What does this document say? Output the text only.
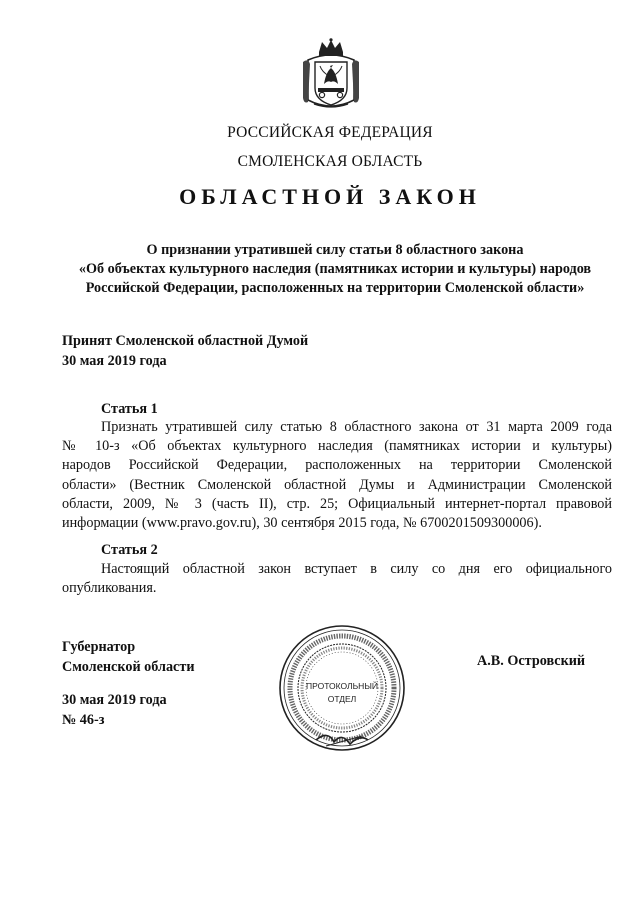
РОССИЙСКАЯ ФЕДЕРАЦИЯ
СМОЛЕНСКАЯ ОБЛАСТЬ
ОБЛАСТНОЙ ЗАКОН
О признании утратившей силу статьи 8 областного закона
«Об объектах культурного наследия (памятниках истории и культуры) народов
Российской Федерации, расположенных на территории Смоленской области»
Принят Смоленской областной Думой
30 мая 2019 года
Статья 1
Признать утратившей силу статью 8 областного закона от 31 марта 2009 года
№ 10-з «Об объектах культурного наследия (памятниках истории и культуры)
народов Российской Федерации, расположенных на территории Смоленской
области» (Вестник Смоленской областной Думы и Администрации Смоленской
области, 2009, № 3 (часть II), стр. 25; Официальный интернет-портал правовой
информации (www.pravo.gov.ru), 30 сентября 2015 года, № 6700201509300006).
Статья 2
Настоящий областной закон вступает в силу со дня его официального
опубликования.
Губернатор
Смоленской области
ПРОТОКОЛЬНЫЙ
ОТДЕЛ
А.В. Островский
30 мая 2019 года
№ 46-з
